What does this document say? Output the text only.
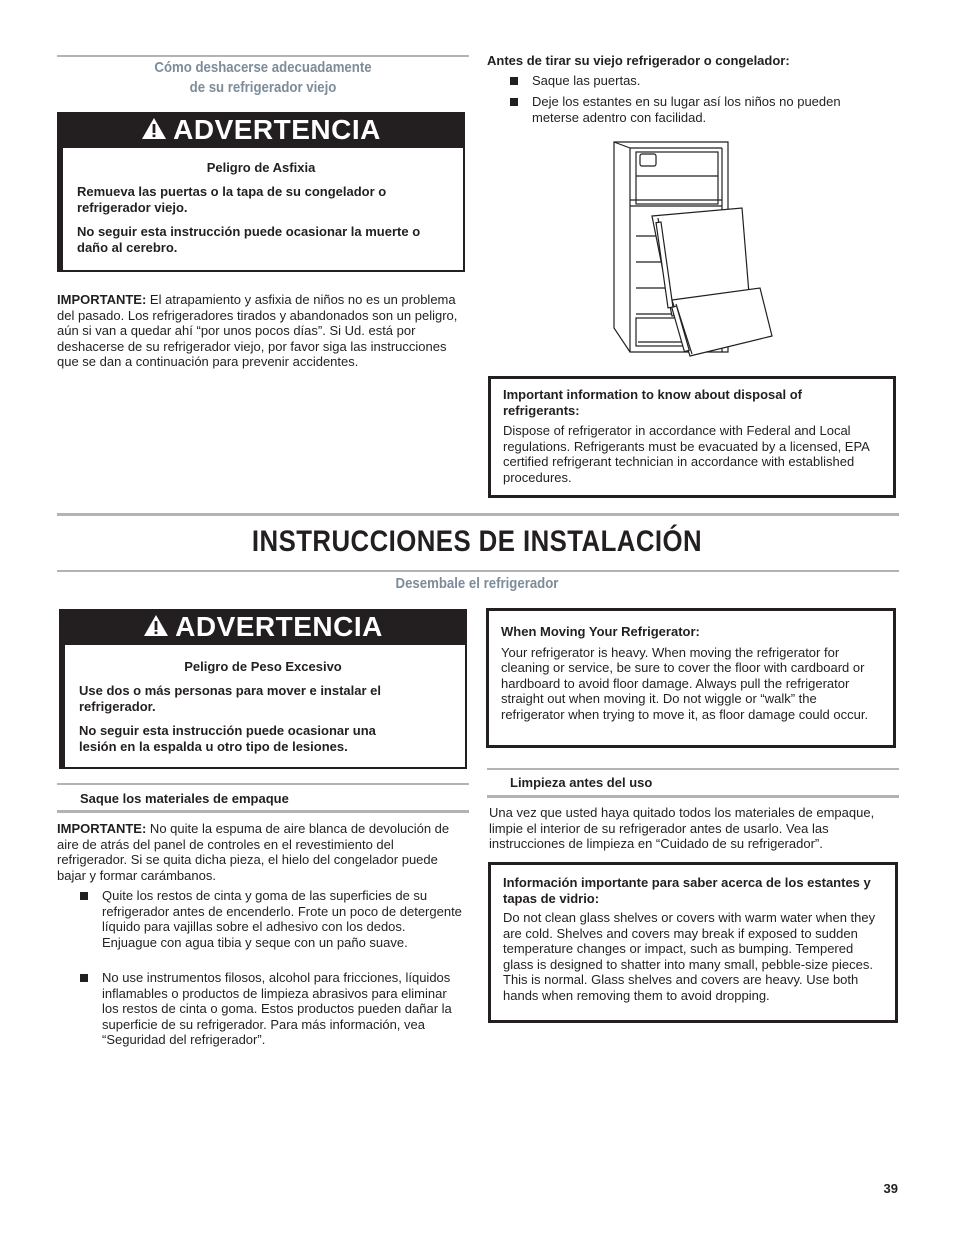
Cómo deshacerse adecuadamente
de su refrigerador viejo
ADVERTENCIA

Peligro de Asfixia

Remueva las puertas o la tapa de su congelador o refrigerador viejo.

No seguir esta instrucción puede ocasionar la muerte o daño al cerebro.

IMPORTANTE: El atrapamiento y asfixia de niños no es un problema del pasado. Los refrigeradores tirados y abandonados son un peligro, aún si van a quedar ahí “por unos pocos días”. Si Ud. está por deshacerse de su refrigerador viejo, por favor siga las instrucciones que se dan a continuación para prevenir accidentes.
Antes de tirar su viejo refrigerador o congelador:
Saque las puertas.
Deje los estantes en su lugar así los niños no pueden meterse adentro con facilidad.

Important information to know about disposal of refrigerants:

Dispose of refrigerator in accordance with Federal and Local regulations. Refrigerants must be evacuated by a licensed, EPA certified refrigerant technician in accordance with established procedures.

INSTRUCCIONES DE INSTALACIÓN
Desembale el refrigerador
ADVERTENCIA

Peligro de Peso Excesivo

Use dos o más personas para mover e instalar el refrigerador.

No seguir esta instrucción puede ocasionar una lesión en la espalda u otro tipo de lesiones.

Saque los materiales de empaque
IMPORTANTE: No quite la espuma de aire blanca de devolución de aire de atrás del panel de controles en el revestimiento del refrigerador. Si se quita dicha pieza, el hielo del congelador puede bajar y formar carámbanos.
Quite los restos de cinta y goma de las superficies de su refrigerador antes de encenderlo. Frote un poco de detergente líquido para vajillas sobre el adhesivo con los dedos. Enjuague con agua tibia y seque con un paño suave.
No use instrumentos filosos, alcohol para fricciones, líquidos inflamables o productos de limpieza abrasivos para eliminar los restos de cinta o goma. Estos productos pueden dañar la superficie de su refrigerador. Para más información, vea “Seguridad del refrigerador”.

When Moving Your Refrigerator:

Your refrigerator is heavy. When moving the refrigerator for cleaning or service, be sure to cover the floor with cardboard or hardboard to avoid floor damage. Always pull the refrigerator straight out when moving it. Do not wiggle or “walk” the refrigerator when trying to move it, as floor damage could occur.

Limpieza antes del uso
Una vez que usted haya quitado todos los materiales de empaque, limpie el interior de su refrigerador antes de usarlo. Vea las instrucciones de limpieza en “Cuidado de su refrigerador”.

Información importante para saber acerca de los estantes y tapas de vidrio:

Do not clean glass shelves or covers with warm water when they are cold. Shelves and covers may break if exposed to sudden temperature changes or impact, such as bumping. Tempered glass is designed to shatter into many small, pebble-size pieces. This is normal. Glass shelves and covers are heavy. Use both hands when removing them to avoid dropping.

39
